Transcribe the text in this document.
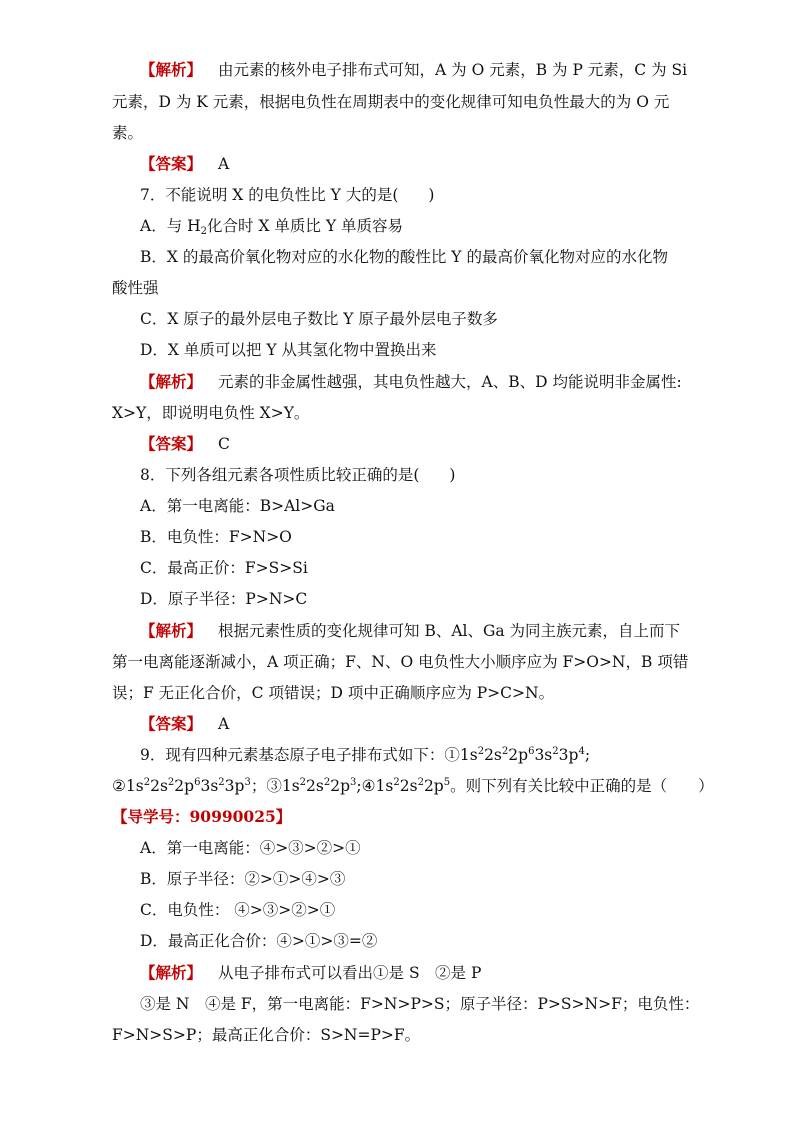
【解析】 由元素的核外电子排布式可知，A 为 O 元素，B 为 P 元素，C 为 Si
元素，D 为 K 元素，根据电负性在周期表中的变化规律可知电负性最大的为 O 元
素。
【答案】 A
7．不能说明 X 的电负性比 Y 大的是( )
A．与 $H_2$化合时 X 单质比 Y 单质容易
B．X 的最高价氧化物对应的水化物的酸性比 Y 的最高价氧化物对应的水化物
酸性强
C．X 原子的最外层电子数比 Y 原子最外层电子数多
D．X 单质可以把 Y 从其氢化物中置换出来
【解析】 元素的非金属性越强，其电负性越大，A、B、D 均能说明非金属性:
X>Y，即说明电负性 X>Y。
【答案】 C
8．下列各组元素各项性质比较正确的是( )
A．第一电离能：B>Al>Ga
B．电负性：F>N>O
C．最高正价：F>S>Si
D．原子半径：P>N>C
【解析】 根据元素性质的变化规律可知 B、Al、Ga 为同主族元素，自上而下
第一电离能逐渐减小，A 项正确；F、N、O 电负性大小顺序应为 F>O>N，B 项错
误；F 无正化合价，C 项错误；D 项中正确顺序应为 P>C>N。
【答案】 A
9．现有四种元素基态原子电子排布式如下：$①1s^22s^22p^63s^23p^4$;
$②1s^22s^22p^63s^23p^3$；$③1s^22s^22p^3;④1s^22s^22p^5$。则下列有关比较中正确的是（　　）
【导学号：90990025】
A．第一电离能：④>③>②>①
B．原子半径：②>①>④>③
C．电负性： ④>③>②>①
D．最高正化合价：④>①>③=②
【解析】 从电子排布式可以看出①是 S　②是 P
③是 N　④是 F，第一电离能：F>N>P>S；原子半径：P>S>N>F；电负性：
F>N>S>P；最高正化合价：S>N=P>F。
